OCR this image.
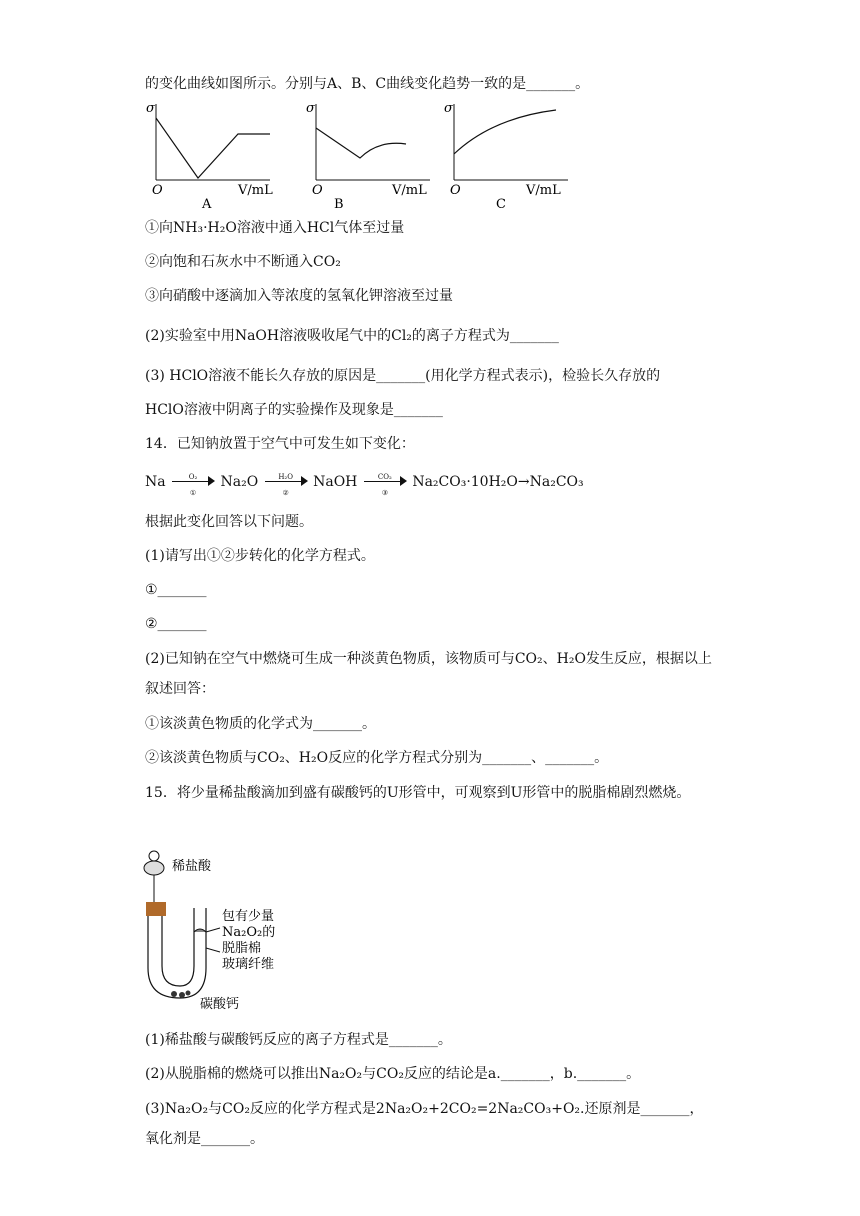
的变化曲线如图所示。分别与A、B、C曲线变化趋势一致的是_______。
σ
O	V/mL
A
σ
O	V/mL
B
σ
O	V/mL
C
①向NH₃·H₂O溶液中通入HCl气体至过量
②向饱和石灰水中不断通入CO₂
③向硝酸中逐滴加入等浓度的氢氧化钾溶液至过量
(2)实验室中用NaOH溶液吸收尾气中的Cl₂的离子方程式为_______
(3) HClO溶液不能长久存放的原因是_______(用化学方程式表示)，检验长久存放的
HClO溶液中阴离子的实验操作及现象是_______
14．已知钠放置于空气中可发生如下变化：
Na	O₂
①
Na₂O	H₂O
②
NaOH	CO₂
③
Na₂CO₃·10H₂O→Na₂CO₃
根据此变化回答以下问题。
(1)请写出①②步转化的化学方程式。
①_______
②_______
(2)已知钠在空气中燃烧可生成一种淡黄色物质，该物质可与CO₂、H₂O发生反应，根据以上叙述回答：
①该淡黄色物质的化学式为_______。
②该淡黄色物质与CO₂、H₂O反应的化学方程式分别为_______、_______。
15．将少量稀盐酸滴加到盛有碳酸钙的U形管中，可观察到U形管中的脱脂棉剧烈燃烧。
稀盐酸
包有少量
Na₂O₂的
脱脂棉
玻璃纤维
碳酸钙
(1)稀盐酸与碳酸钙反应的离子方程式是_______。
(2)从脱脂棉的燃烧可以推出Na₂O₂与CO₂反应的结论是a._______，b._______。
(3)Na₂O₂与CO₂反应的化学方程式是2Na₂O₂+2CO₂=2Na₂CO₃+O₂.还原剂是_______，氧化剂是_______。
